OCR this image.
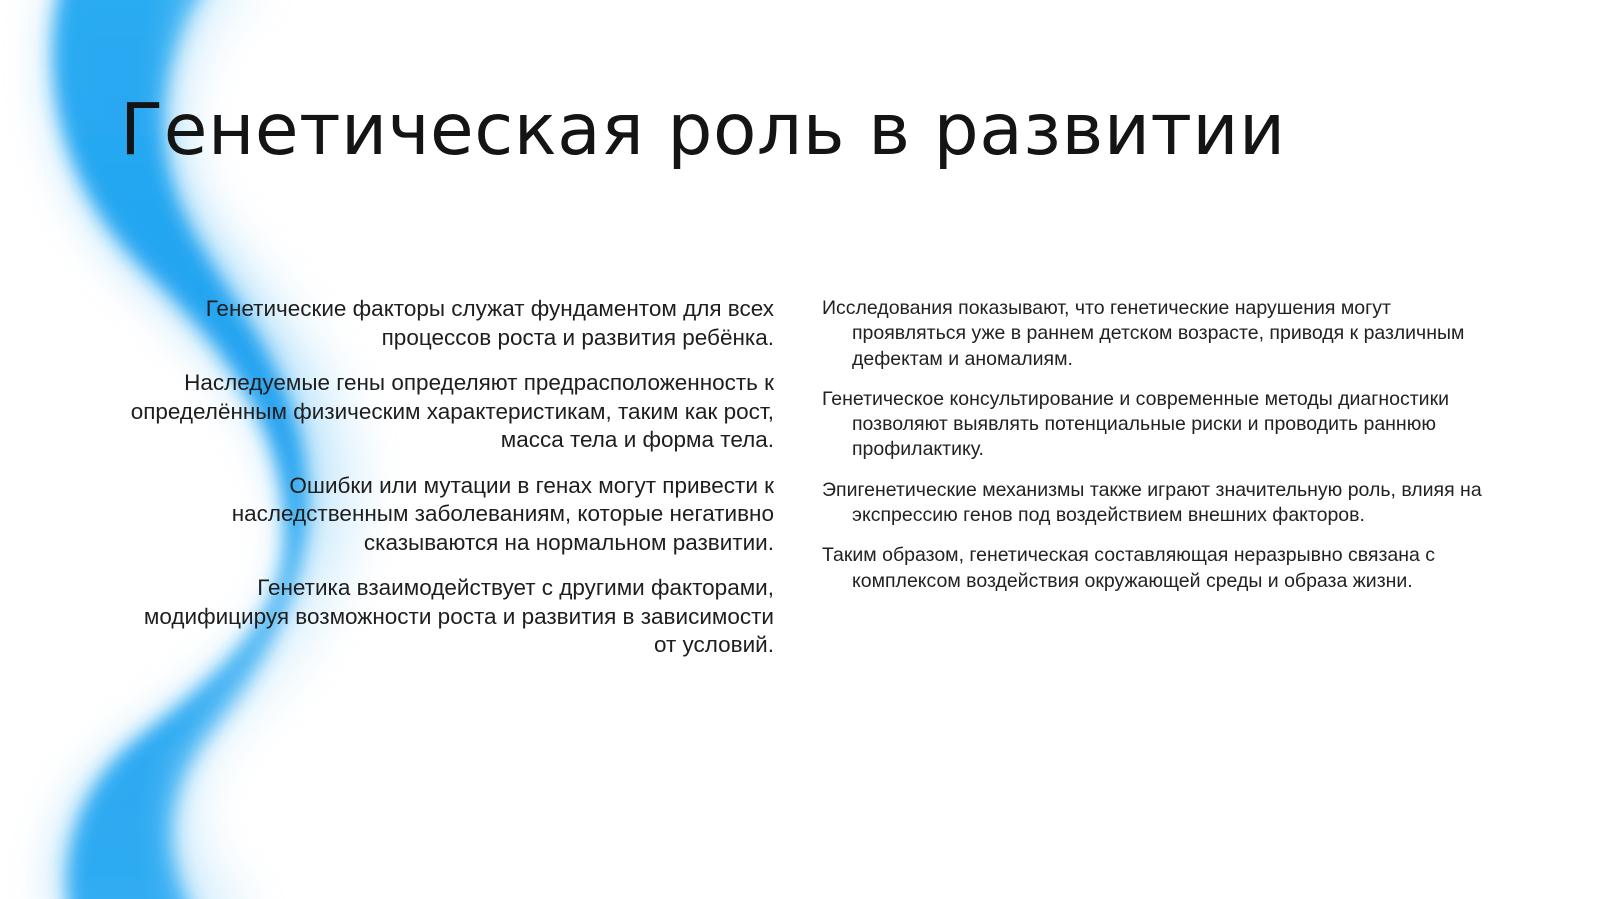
Генетическая роль в развитии

Генетические факторы служат фундаментом для всех процессов роста и развития ребёнка.

Наследуемые гены определяют предрасположенность к определённым физическим характеристикам, таким как рост, масса тела и форма тела.

Ошибки или мутации в генах могут привести к наследственным заболеваниям, которые негативно сказываются на нормальном развитии.

Генетика взаимодействует с другими факторами, модифицируя возможности роста и развития в зависимости от условий.

Исследования показывают, что генетические нарушения могут проявляться уже в раннем детском возрасте, приводя к различным дефектам и аномалиям.

Генетическое консультирование и современные методы диагностики позволяют выявлять потенциальные риски и проводить раннюю профилактику.

Эпигенетические механизмы также играют значительную роль, влияя на экспрессию генов под воздействием внешних факторов.

Таким образом, генетическая составляющая неразрывно связана с комплексом воздействия окружающей среды и образа жизни.
